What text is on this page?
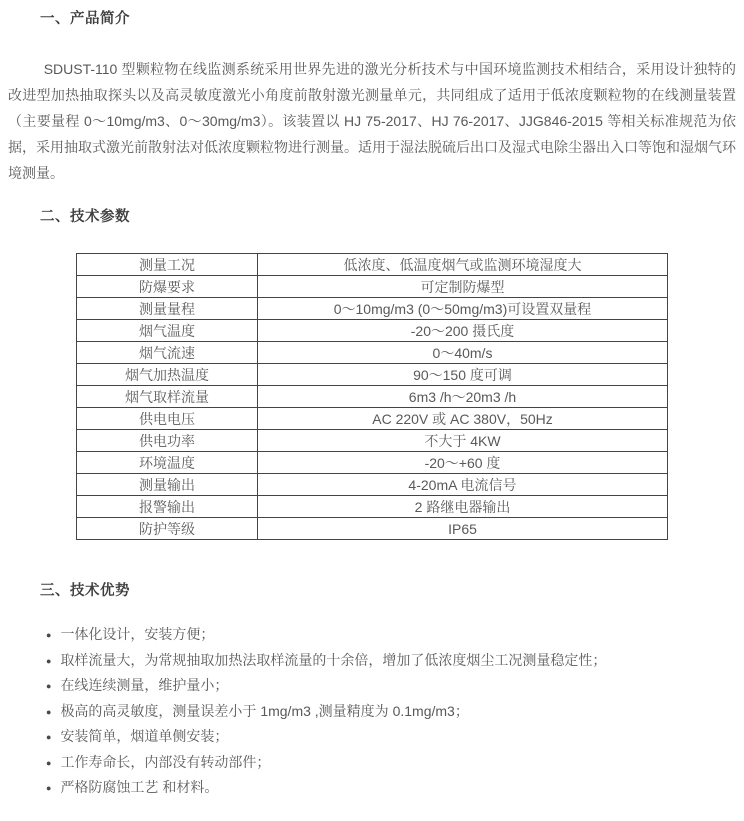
一、产品简介

SDUST-110 型颗粒物在线监测系统采用世界先进的激光分析技术与中国环境监测技术相结合，采用设计独特的改进型加热抽取探头以及高灵敏度激光小角度前散射激光测量单元，共同组成了适用于低浓度颗粒物的在线测量装置（主要量程 0～10mg/m3、0～30mg/m3）。该装置以 HJ 75-2017、HJ 76-2017、JJG846-2015 等相关标准规范为依据，采用抽取式激光前散射法对低浓度颗粒物进行测量。适用于湿法脱硫后出口及湿式电除尘器出入口等饱和湿烟气环境测量。

二、技术参数
测量工况	低浓度、低温度烟气或监测环境湿度大
防爆要求	可定制防爆型
测量量程	0～10mg/m3 (0～50mg/m3)可设置双量程
烟气温度	-20～200 摄氏度
烟气流速	0～40m/s
烟气加热温度	90～150 度可调
烟气取样流量	6m3 /h～20m3 /h
供电电压	AC 220V 或 AC 380V，50Hz
供电功率	不大于 4KW
环境温度	-20～+60 度
测量输出	4-20mA 电流信号
报警输出	2 路继电器输出
防护等级	IP65
三、技术优势
● 一体化设计，安装方便；
● 取样流量大，为常规抽取加热法取样流量的十余倍，增加了低浓度烟尘工况测量稳定性；
● 在线连续测量，维护量小；
● 极高的高灵敏度，测量误差小于 1mg/m3 ,测量精度为 0.1mg/m3；
● 安装简单，烟道单侧安装；
● 工作寿命长，内部没有转动部件；
● 严格防腐蚀工艺 和材料。
